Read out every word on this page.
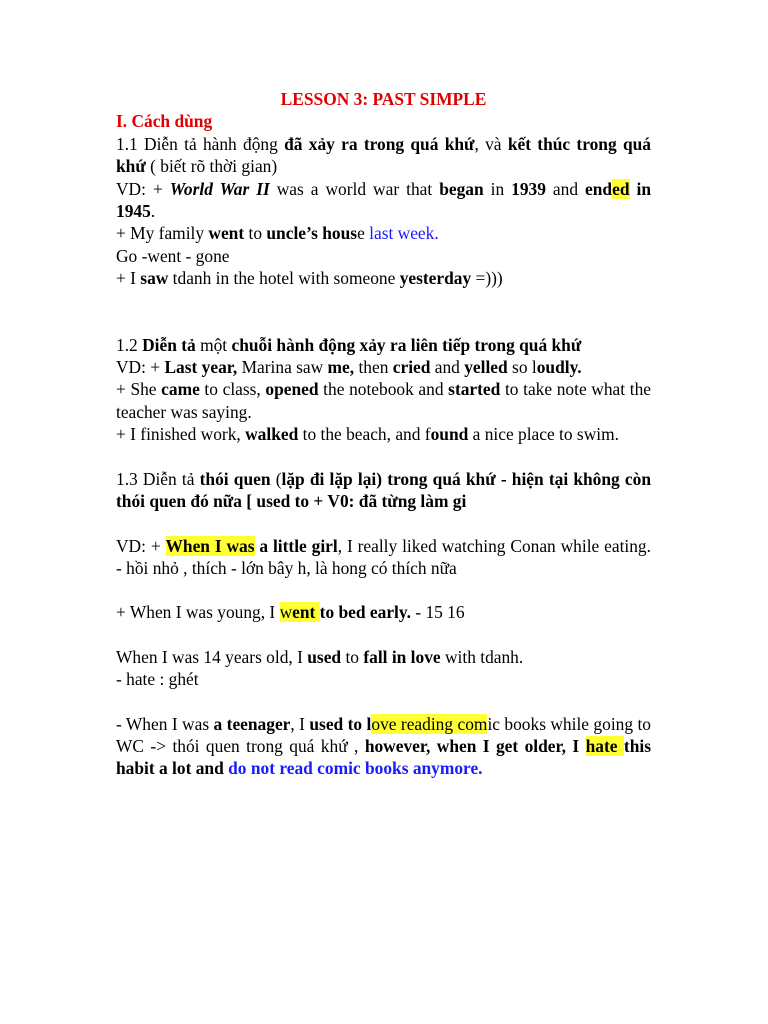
LESSON 3: PAST SIMPLE

I. Cách dùng

1.1 Diễn tả hành động đã xảy ra trong quá khứ, và kết thúc trong quá khứ ( biết rõ thời gian)

VD: + World War II was a world war that began in 1939 and ended in 1945.

+ My family went to uncle’s house last week.

Go -went - gone

+ I saw tdanh in the hotel with someone yesterday =)))

1.2 Diễn tả một chuỗi hành động xảy ra liên tiếp trong quá khứ

VD: + Last year, Marina saw me, then cried and yelled so loudly.

+ She came to class, opened the notebook and started to take note what the teacher was saying.

+ I finished work, walked to the beach, and found a nice place to swim.

1.3 Diễn tả thói quen (lặp đi lặp lại) trong quá khứ - hiện tại không còn thói quen đó nữa [ used to + V0: đã từng làm gi

VD: + When I was a little girl, I really liked watching Conan while eating. - hồi nhỏ , thích - lớn bây h, là hong có thích nữa

+ When I was young, I went to bed early. - 15 16

When I was 14 years old, I used to fall in love with tdanh.

- hate : ghét

- When I was a teenager, I used to love reading comic books while going to WC -> thói quen trong quá khứ , however, when I get older, I hate this habit a lot and do not read comic books anymore.
